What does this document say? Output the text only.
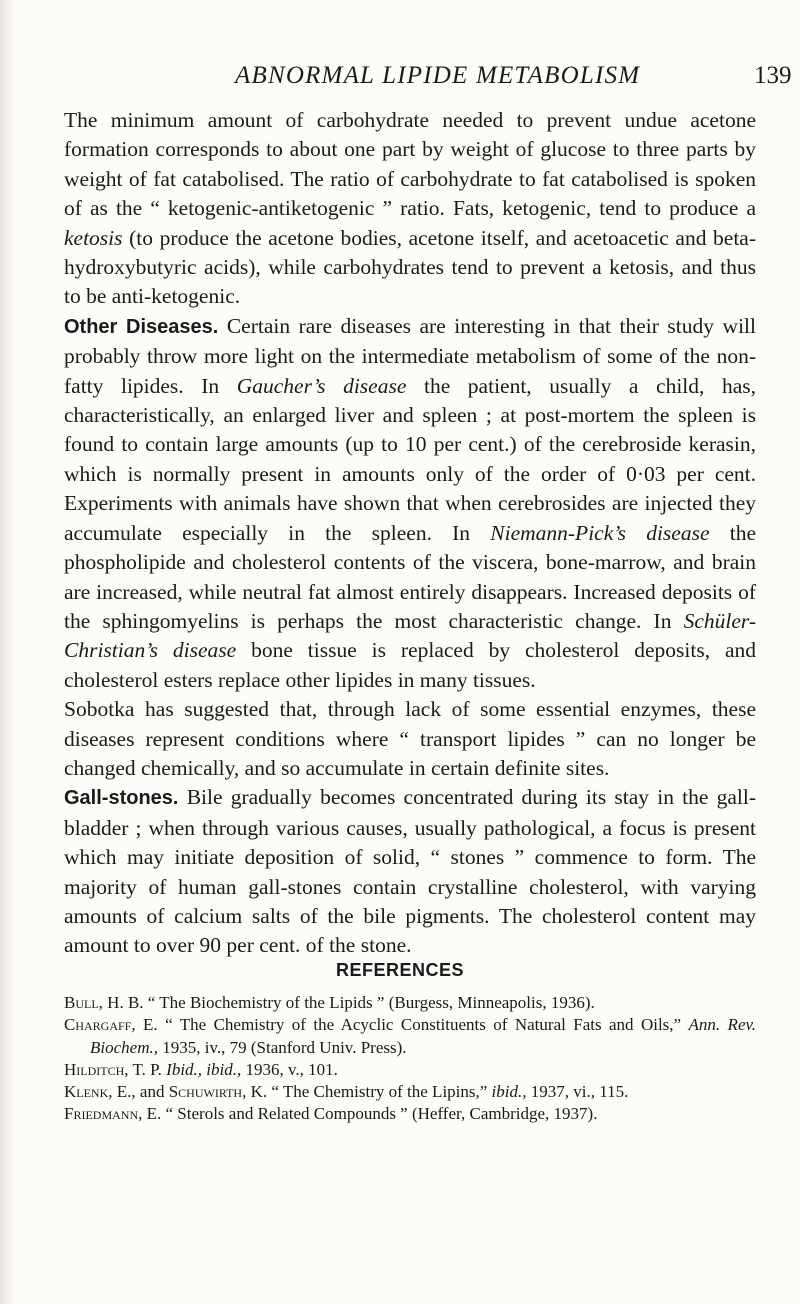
ABNORMAL LIPIDE METABOLISM	139

The minimum amount of carbohydrate needed to prevent undue acetone formation corresponds to about one part by weight of glucose to three parts by weight of fat catabolised. The ratio of carbohydrate to fat catabolised is spoken of as the “ ketogenic-antiketogenic ” ratio. Fats, ketogenic, tend to produce a ketosis (to produce the acetone bodies, acetone itself, and acetoacetic and beta-hydroxybutyric acids), while carbohydrates tend to prevent a ketosis, and thus to be anti-ketogenic.

Other Diseases. Certain rare diseases are interesting in that their study will probably throw more light on the intermediate metabolism of some of the non-fatty lipides. In Gaucher’s disease the patient, usually a child, has, characteristically, an enlarged liver and spleen ; at post-mortem the spleen is found to contain large amounts (up to 10 per cent.) of the cerebroside kerasin, which is normally present in amounts only of the order of 0·03 per cent. Experiments with animals have shown that when cerebrosides are injected they accumulate especially in the spleen. In Niemann-Pick’s disease the phospholipide and cholesterol contents of the viscera, bone-marrow, and brain are increased, while neutral fat almost entirely disappears. Increased deposits of the sphingomyelins is perhaps the most characteristic change. In Schüler-Christian’s disease bone tissue is replaced by cholesterol deposits, and cholesterol esters replace other lipides in many tissues.

Sobotka has suggested that, through lack of some essential enzymes, these diseases represent conditions where “ transport lipides ” can no longer be changed chemically, and so accumulate in certain definite sites.

Gall-stones. Bile gradually becomes concentrated during its stay in the gall-bladder ; when through various causes, usually pathological, a focus is present which may initiate deposition of solid, “ stones ” commence to form. The majority of human gall-stones contain crystalline cholesterol, with varying amounts of calcium salts of the bile pigments. The cholesterol content may amount to over 90 per cent. of the stone.

REFERENCES

Bull, H. B. “ The Biochemistry of the Lipids ” (Burgess, Minneapolis, 1936).

Chargaff, E. “ The Chemistry of the Acyclic Constituents of Natural Fats and Oils,” Ann. Rev. Biochem., 1935, iv., 79 (Stanford Univ. Press).

Hilditch, T. P. Ibid., ibid., 1936, v., 101.

Klenk, E., and Schuwirth, K. “ The Chemistry of the Lipins,” ibid., 1937, vi., 115.

Friedmann, E. “ Sterols and Related Compounds ” (Heffer, Cambridge, 1937).
